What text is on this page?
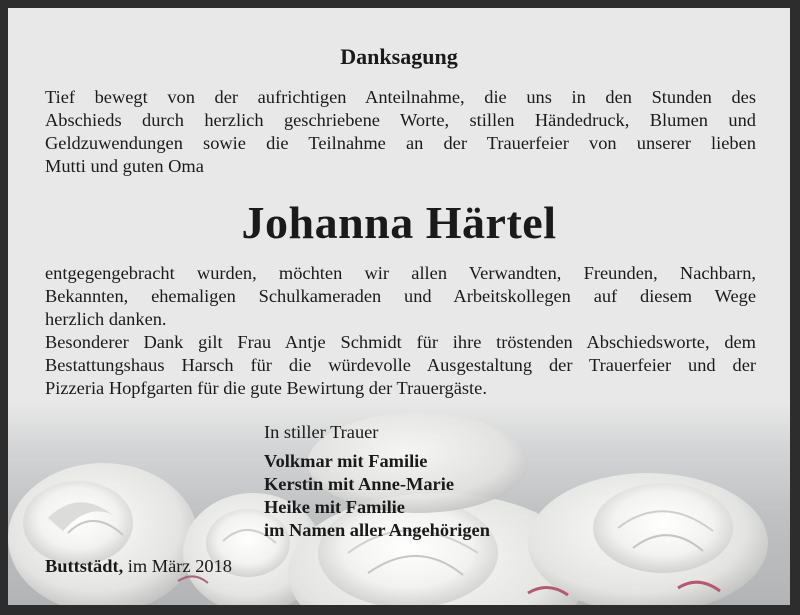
Danksagung

Tief bewegt von der aufrichtigen Anteilnahme, die uns in den Stunden des
Abschieds durch herzlich geschriebene Worte, stillen Händedruck, Blumen und
Geldzuwendungen sowie die Teilnahme an der Trauerfeier von unserer lieben
Mutti und guten Oma

Johanna Härtel

entgegengebracht wurden, möchten wir allen Verwandten, Freunden, Nachbarn,
Bekannten, ehemaligen Schulkameraden und Arbeitskollegen auf diesem Wege
herzlich danken.

Besonderer Dank gilt Frau Antje Schmidt für ihre tröstenden Abschiedsworte, dem
Bestattungshaus Harsch für die würdevolle Ausgestaltung der Trauerfeier und der
Pizzeria Hopfgarten für die gute Bewirtung der Trauergäste.

In stiller Trauer
Volkmar mit Familie
Kerstin mit Anne-Marie
Heike mit Familie
im Namen aller Angehörigen
Buttstädt, im März 2018
